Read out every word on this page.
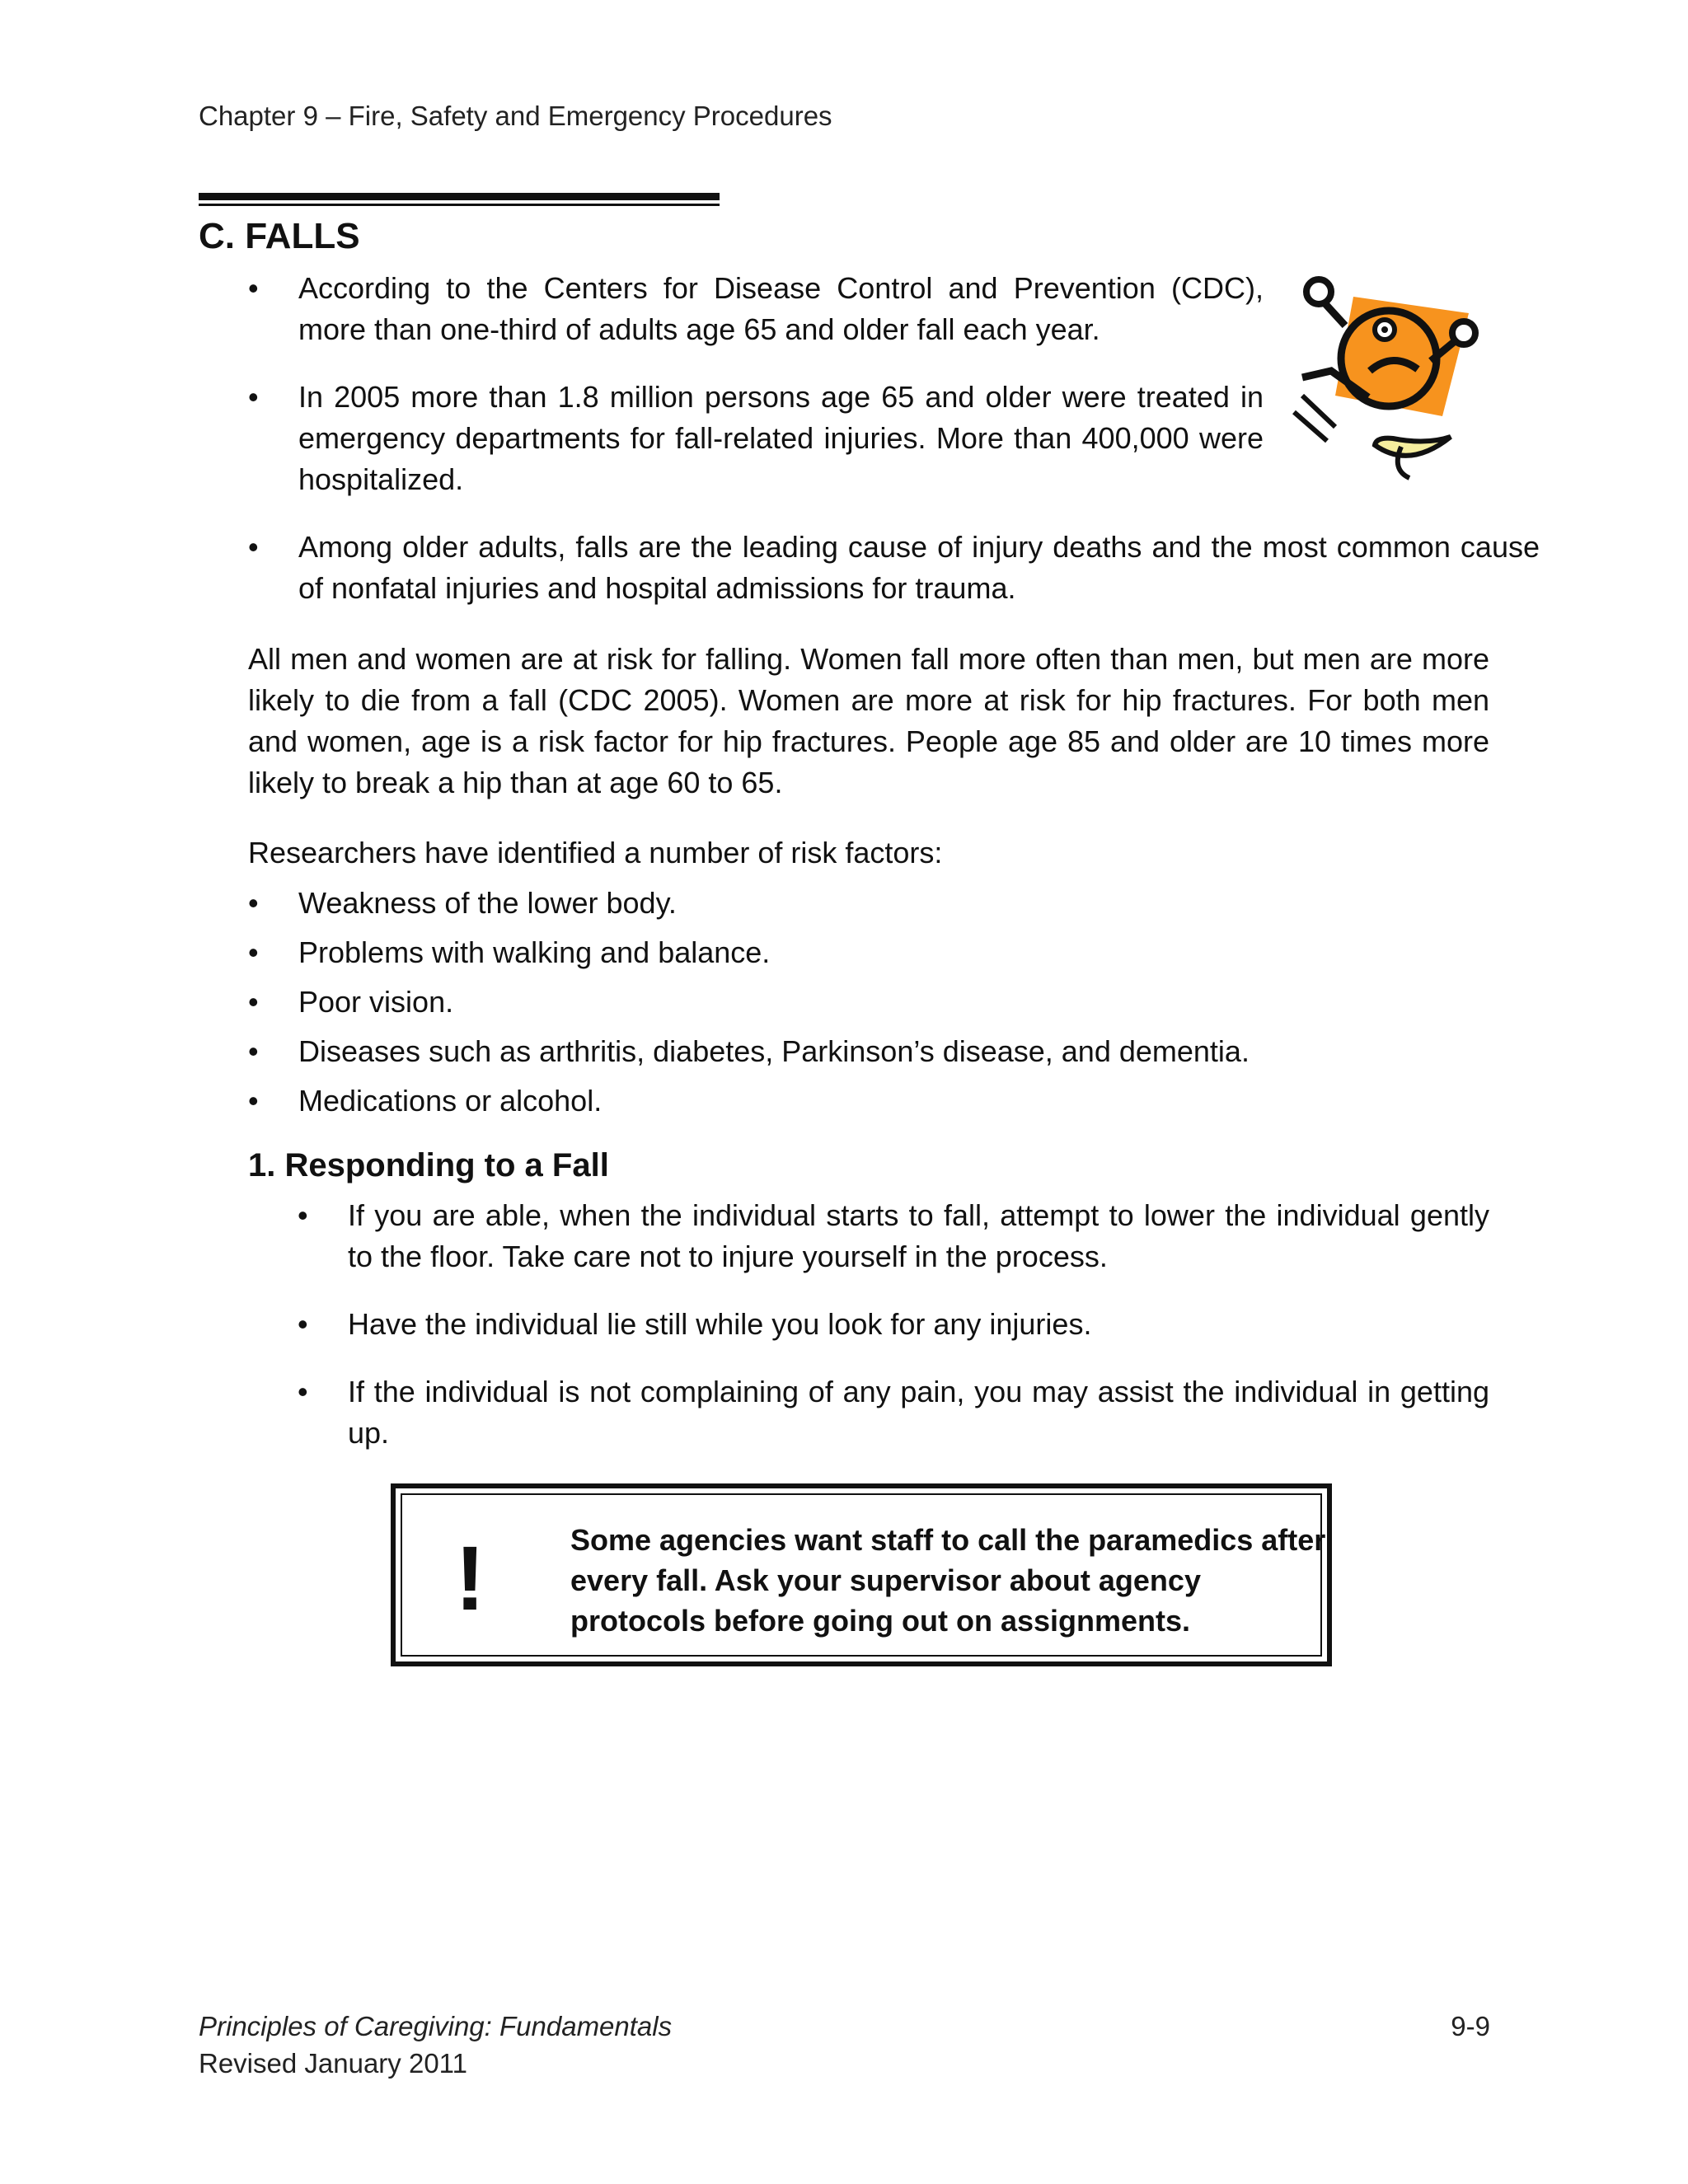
Chapter 9 – Fire, Safety and Emergency Procedures
C. FALLS
• According to the Centers for Disease Control and Prevention (CDC), more than one-third of adults age 65 and older fall each year.
• In 2005 more than 1.8 million persons age 65 and older were treated in emergency departments for fall-related injuries. More than 400,000 were hospitalized.
• Among older adults, falls are the leading cause of injury deaths and the most common cause of nonfatal injuries and hospital admissions for trauma.
All men and women are at risk for falling. Women fall more often than men, but men are more likely to die from a fall (CDC 2005). Women are more at risk for hip fractures. For both men and women, age is a risk factor for hip fractures. People age 85 and older are 10 times more likely to break a hip than at age 60 to 65.
Researchers have identified a number of risk factors:
• Weakness of the lower body.
• Problems with walking and balance.
• Poor vision.
• Diseases such as arthritis, diabetes, Parkinson’s disease, and dementia.
• Medications or alcohol.
1. Responding to a Fall
• If you are able, when the individual starts to fall, attempt to lower the individual gently to the floor. Take care not to injure yourself in the process.
• Have the individual lie still while you look for any injuries.
• If the individual is not complaining of any pain, you may assist the individual in getting up.
!	Some agencies want staff to call the paramedics after every fall. Ask your supervisor about agency protocols before going out on assignments.
Principles of Caregiving: Fundamentals
Revised January 2011
9-9
